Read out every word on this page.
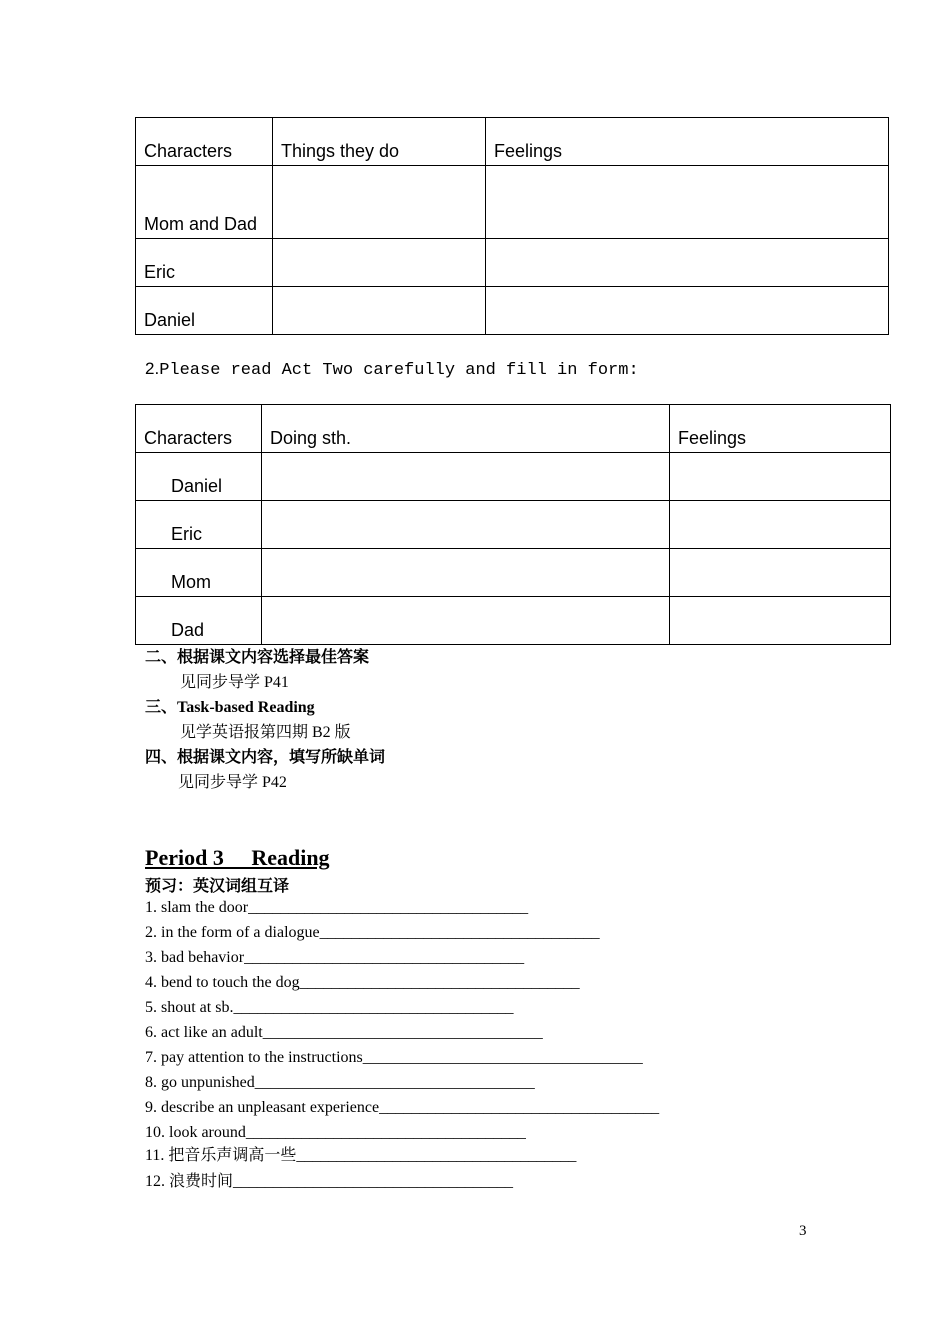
Characters	Things they do	Feelings
Mom and Dad		
Eric		
Daniel		
2.Please read Act Two carefully and fill in form:
Characters	Doing sth.	Feelings
Daniel		
Eric		
Mom		
Dad		
二、根据课文内容选择最佳答案
见同步导学 P41
三、Task-based Reading
见学英语报第四期 B2 版
四、根据课文内容，填写所缺单词
见同步导学 P42
Period 3     Reading
预习：英汉词组互译
1. slam the door___________________________________
2. in the form of a dialogue___________________________________
3. bad behavior___________________________________
4. bend to touch the dog___________________________________
5. shout at sb.___________________________________
6. act like an adult___________________________________
7. pay attention to the instructions___________________________________
8. go unpunished___________________________________
9. describe an unpleasant experience___________________________________
10. look around___________________________________
11. 把音乐声调高一些___________________________________
12. 浪费时间___________________________________
3
